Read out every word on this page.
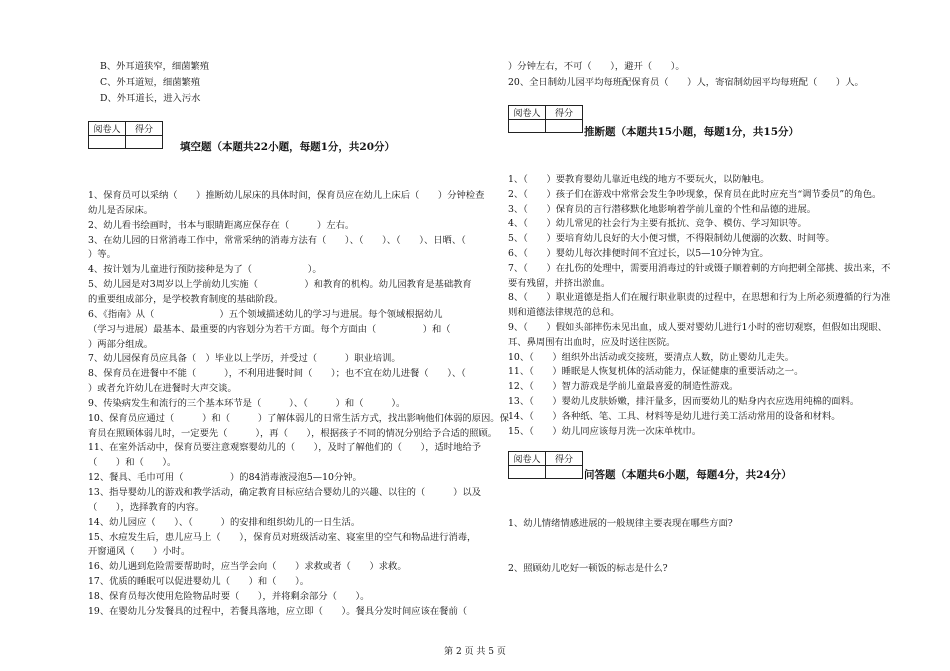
B、外耳道狭窄，细菌繁殖
C、外耳道短，细菌繁殖
D、外耳道长，进入污水
阅卷人	得分

填空题（本题共22小题，每题1分，共20分）
1、保育员可以采纳（　　）推断幼儿尿床的具体时间，保育员应在幼儿上床后（　　）分钟检查
幼儿是否尿床。
2、幼儿看书绘画时，书本与眼睛距离应保存在（　　　）左右。
3、在幼儿园的日常消毒工作中，常常采纳的消毒方法有（　　）、（　　）、（　　）、日晒、（
）等。
4、按计划为儿童进行预防接种是为了（　　　　　　）。
5、幼儿园是对3周岁以上学前幼儿实施（　　　　　）和教育的机构。幼儿园教育是基础教育
的重要组成部分，是学校教育制度的基础阶段。
6、《指南》从（　　　　　　　）五个领域描述幼儿的学习与进展。每个领域根据幼儿
（学习与进展）最基本、最重要的内容划分为若干方面。每个方面由（　　　　　）和（
）两部分组成。
7、幼儿园保育员应具备（　）毕业以上学历，并受过（　　　）职业培训。
8、保育员在进餐中不能（　　　），不利用进餐时间（　　）；也不宜在幼儿进餐（　　）、（
）或者允许幼儿在进餐时大声交谈。
9、传染病发生和流行的三个基本环节是（　　　）、（　　　）和（　　　）。
10、保育员应通过（　　　）和（　　　）了解体弱儿的日常生活方式，找出影响他们体弱的原因。保
育员在照顾体弱儿时，一定要先（　　　），再（　　），根据孩子不同的情况分别给予合适的照顾。
11、在室外活动中，保育员要注意观察婴幼儿的（　　），及时了解他们的（　　），适时地给予
（　　）和（　　）。
12、餐具、毛巾可用（　　　　　）的84消毒液浸泡5—10分钟。
13、指导婴幼儿的游戏和教学活动，确定教育目标应结合婴幼儿的兴趣、以往的（　　　）以及
（　　），选择教育的内容。
14、幼儿园应（　　）、（　　　）的安排和组织幼儿的一日生活。
15、水痘发生后，患儿应马上（　　），保育员对班级活动室、寝室里的空气和物品进行消毒，
开窗通风（　　）小时。
16、幼儿遇到危险需要帮助时，应当学会向（　　）求救或者（　　）求救。
17、优质的睡眠可以促进婴幼儿（　　）和（　　）。
18、保育员每次使用危险物品时要（　　），并将剩余部分（　　）。
19、在婴幼儿分发餐具的过程中，若餐具落地，应立即（　　）。餐具分发时间应该在餐前（
）分钟左右，不可（　　），避开（　　）。
20、全日制幼儿园平均每班配保育员（　　）人，寄宿制幼园平均每班配（　　）人。
阅卷人	得分

推断题（本题共15小题，每题1分，共15分）
1、（　　）要教育婴幼儿靠近电线的地方不要玩火，以防触电。
2、（　　）孩子们在游戏中常常会发生争吵现象，保育员在此时应充当“调节委员”的角色。
3、（　　）保育员的言行潜移默化地影响着学前儿童的个性和品德的进展。
4、（　　）幼儿常见的社会行为主要有抵抗、竞争、模仿、学习知识等。
5、（　　）要培育幼儿良好的大小便习惯，不得限制幼儿便溺的次数、时间等。
6、（　　）婴幼儿每次排便时间不宜过长，以5—10分钟为宜。
7、（　　）在扎伤的处理中，需要用消毒过的针或镊子顺着刺的方向把刺全部挑、拔出来，不
要有残留，并挤出淤血。
8、（　　）职业道德是指人们在履行职业职责的过程中，在思想和行为上所必须遵循的行为准
则和道德法律规范的总和。
9、（　　）假如头部摔伤未见出血，成人要对婴幼儿进行1小时的密切观察，但假如出现眼、
耳、鼻周围有出血时，应及时送往医院。
10、（　　）组织外出活动或交接班，要清点人数，防止婴幼儿走失。
11、（　　）睡眠是人恢复机体的活动能力，保证健康的重要活动之一。
12、（　　）智力游戏是学前儿童最喜爱的制造性游戏。
13、（　　）婴幼儿皮肤娇嫩，排汗量多，因而要幼儿的贴身内衣应选用纯棉的面料。
14、（　　）各种纸、笔、工具、材料等是幼儿进行美工活动常用的设备和材料。
15、（　　）幼儿同应该每月洗一次床单枕巾。
阅卷人	得分

问答题（本题共6小题，每题4分，共24分）
1、幼儿情绪情感进展的一般规律主要表现在哪些方面?
2、照顾幼儿吃好一顿饭的标志是什么?
第 2 页 共 5 页
